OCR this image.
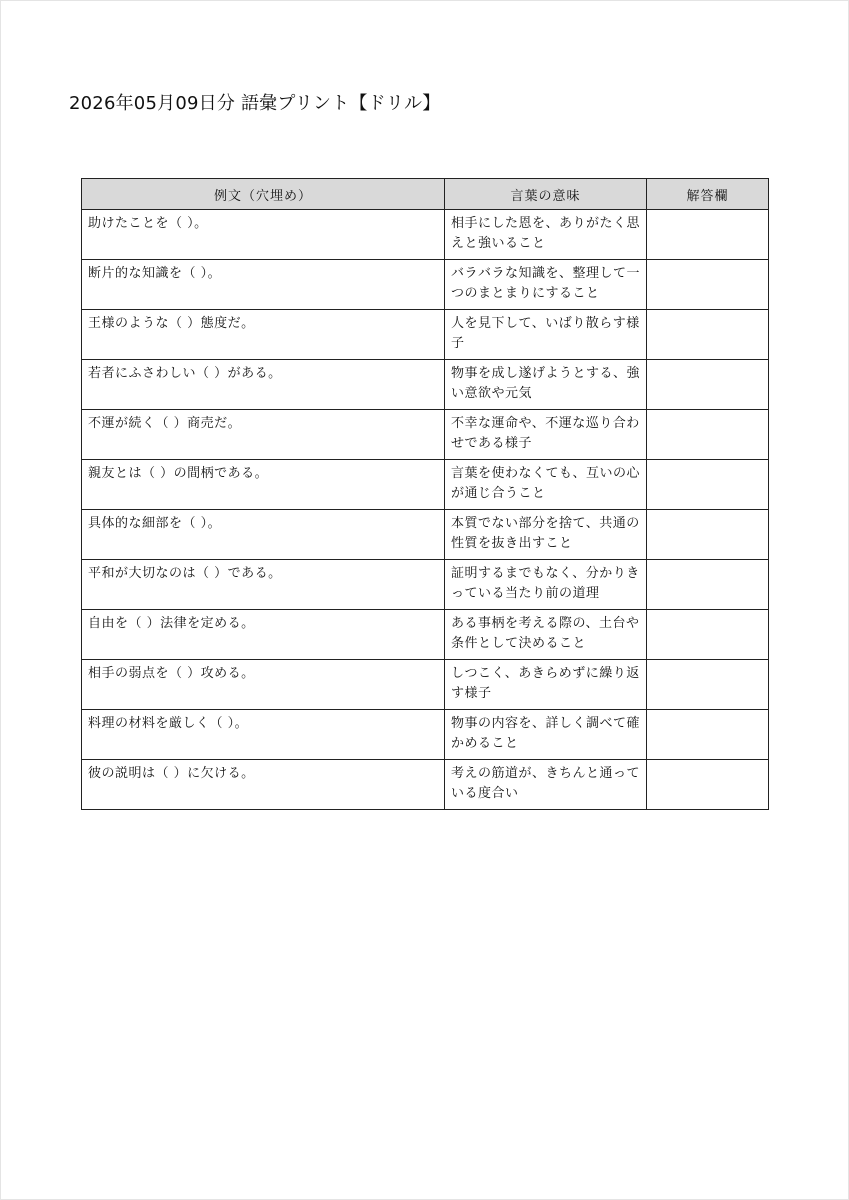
2026年05月09日分 語彙プリント【ドリル】
例文（穴埋め）	言葉の意味	解答欄
助けたことを（ ）。	相手にした恩を、ありがたく思えと強いること	
断片的な知識を（ ）。	バラバラな知識を、整理して一つのまとまりにすること	
王様のような（ ）態度だ。	人を見下して、いばり散らす様子	
若者にふさわしい（ ）がある。	物事を成し遂げようとする、強い意欲や元気	
不運が続く（ ）商売だ。	不幸な運命や、不運な巡り合わせである様子	
親友とは（ ）の間柄である。	言葉を使わなくても、互いの心が通じ合うこと	
具体的な細部を（ ）。	本質でない部分を捨て、共通の性質を抜き出すこと	
平和が大切なのは（ ）である。	証明するまでもなく、分かりきっている当たり前の道理	
自由を（ ）法律を定める。	ある事柄を考える際の、土台や条件として決めること	
相手の弱点を（ ）攻める。	しつこく、あきらめずに繰り返す様子	
料理の材料を厳しく（ ）。	物事の内容を、詳しく調べて確かめること	
彼の説明は（ ）に欠ける。	考えの筋道が、きちんと通っている度合い	
